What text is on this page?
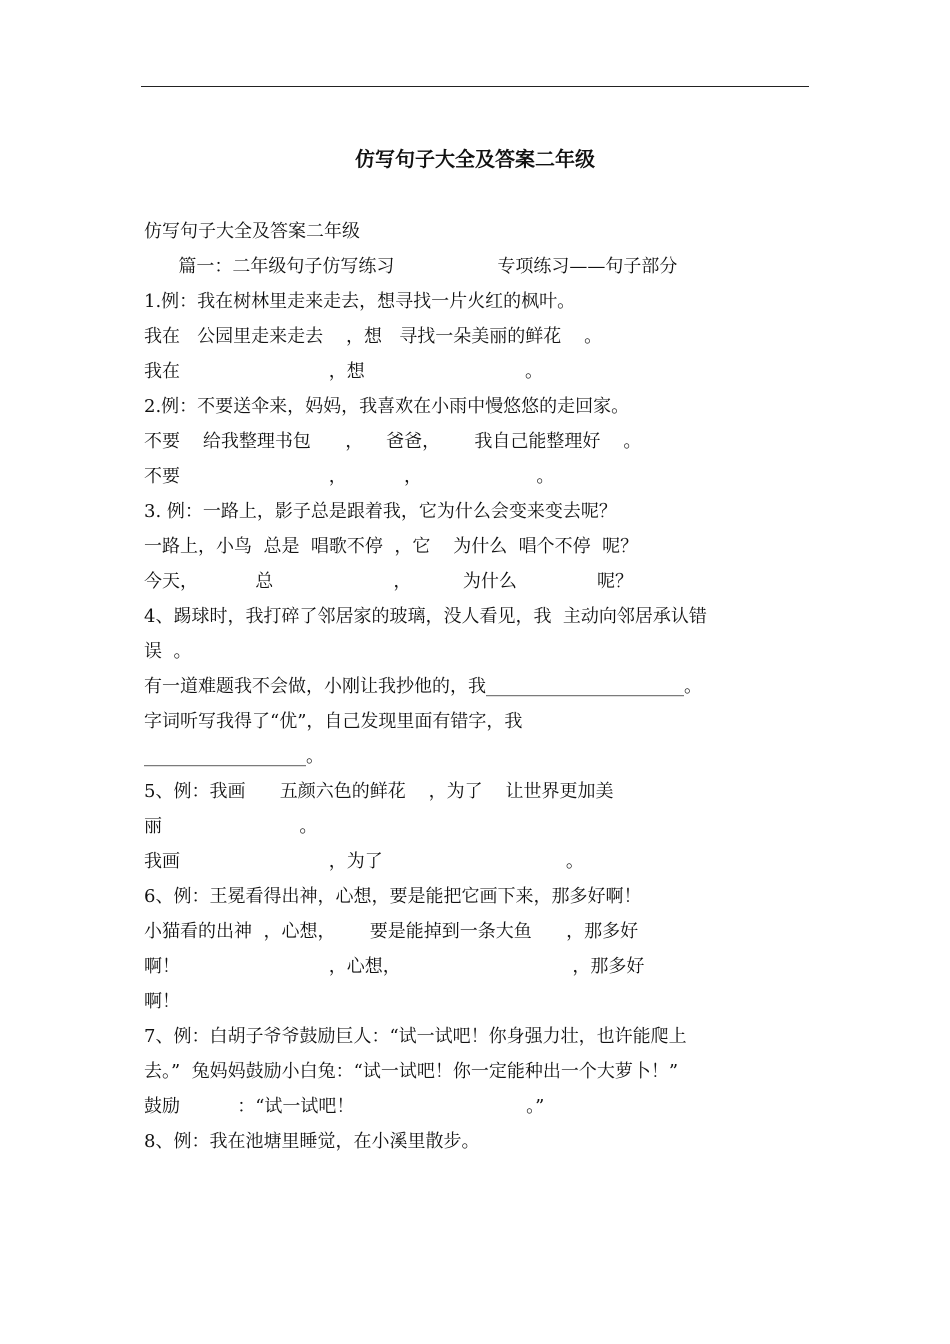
仿写句子大全及答案二年级
仿写句子大全及答案二年级
篇一：二年级句子仿写练习                  专项练习——句子部分
1.例：我在树林里走来走去，想寻找一片火红的枫叶。
我在   公园里走来走去    ，想   寻找一朵美丽的鲜花    。
我在                          ，想                            。
2.例：不要送伞来，妈妈，我喜欢在小雨中慢悠悠的走回家。
不要    给我整理书包      ，    爸爸，      我自己能整理好    。
不要                          ，          ，                    。
3. 例：一路上，影子总是跟着我，它为什么会变来变去呢？
一路上，小鸟  总是  唱歌不停  ，它    为什么  唱个不停  呢？
今天，          总                     ，         为什么              呢？
4、踢球时，我打碎了邻居家的玻璃，没人看见，我  主动向邻居承认错
误  。
有一道难题我不会做，小刚让我抄他的，我______________________。
字词听写我得了“优”，自己发现里面有错字，我
__________________。
5、例：我画      五颜六色的鲜花    ，为了    让世界更加美
丽                        。
我画                          ，为了                                。
6、例：王冕看得出神，心想，要是能把它画下来，那多好啊！
小猫看的出神  ，心想，      要是能掉到一条大鱼      ，那多好
啊！                          ，心想，                              ，那多好
啊！
7、例：白胡子爷爷鼓励巨人：“试一试吧！你身强力壮，也许能爬上
去。”  兔妈妈鼓励小白兔：“试一试吧！你一定能种出一个大萝卜！”
鼓励          ：“试一试吧！                              。”
8、例：我在池塘里睡觉，在小溪里散步。
